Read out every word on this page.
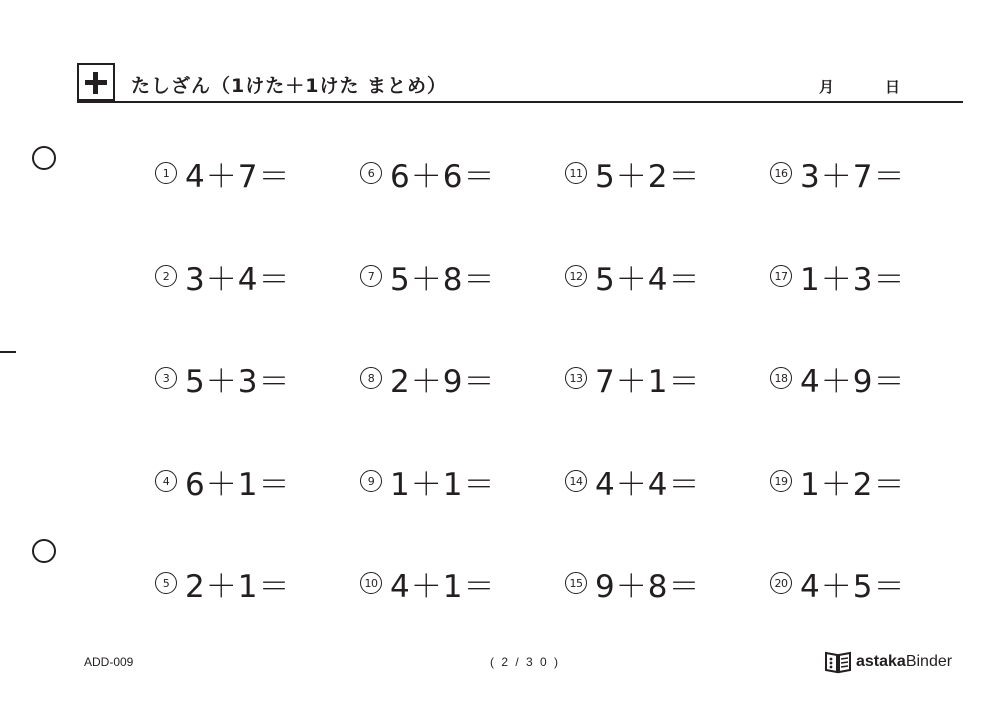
たしざん（1けた＋1けた まとめ）	月	日
1 4＋7＝
2 3＋4＝
3 5＋3＝
4 6＋1＝
5 2＋1＝
6 6＋6＝
7 5＋8＝
8 2＋9＝
9 1＋1＝
10 4＋1＝
11 5＋2＝
12 5＋4＝
13 7＋1＝
14 4＋4＝
15 9＋8＝
16 3＋7＝
17 1＋3＝
18 4＋9＝
19 1＋2＝
20 4＋5＝
ADD-009	( 2 / 3 0 )	astaka Binder
